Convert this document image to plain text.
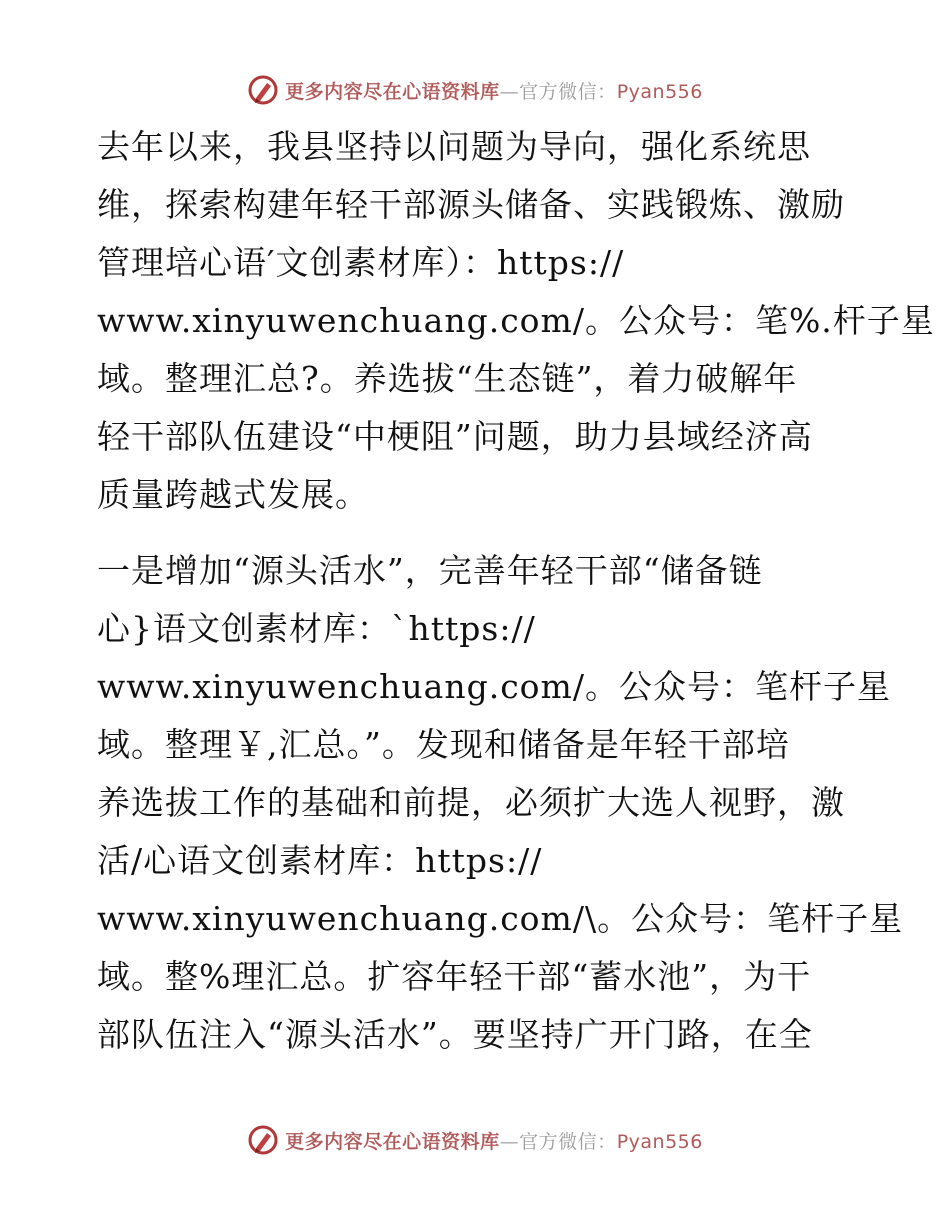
更多内容尽在心语资料库—官方微信：Pyan556

去年以来，我县坚持以问题为导向，强化系统思
维，探索构建年轻干部源头储备、实践锻炼、激励
管理培心语′文创素材库）：https://
www.xinyuwenchuang.com/。公众号：笔%.杆子星
域。整理汇总?。养选拔“生态链”，着力破解年
轻干部队伍建设“中梗阻”问题，助力县域经济高
质量跨越式发展。

一是增加“源头活水”，完善年轻干部“储备链
心}语文创素材库：`https://
www.xinyuwenchuang.com/。公众号：笔杆子星
域。整理￥,汇总。”。发现和储备是年轻干部培
养选拔工作的基础和前提，必须扩大选人视野，激
活/心语文创素材库：https://
www.xinyuwenchuang.com/\。公众号：笔杆子星
域。整%理汇总。扩容年轻干部“蓄水池”，为干
部队伍注入“源头活水”。要坚持广开门路，在全

更多内容尽在心语资料库—官方微信：Pyan556
